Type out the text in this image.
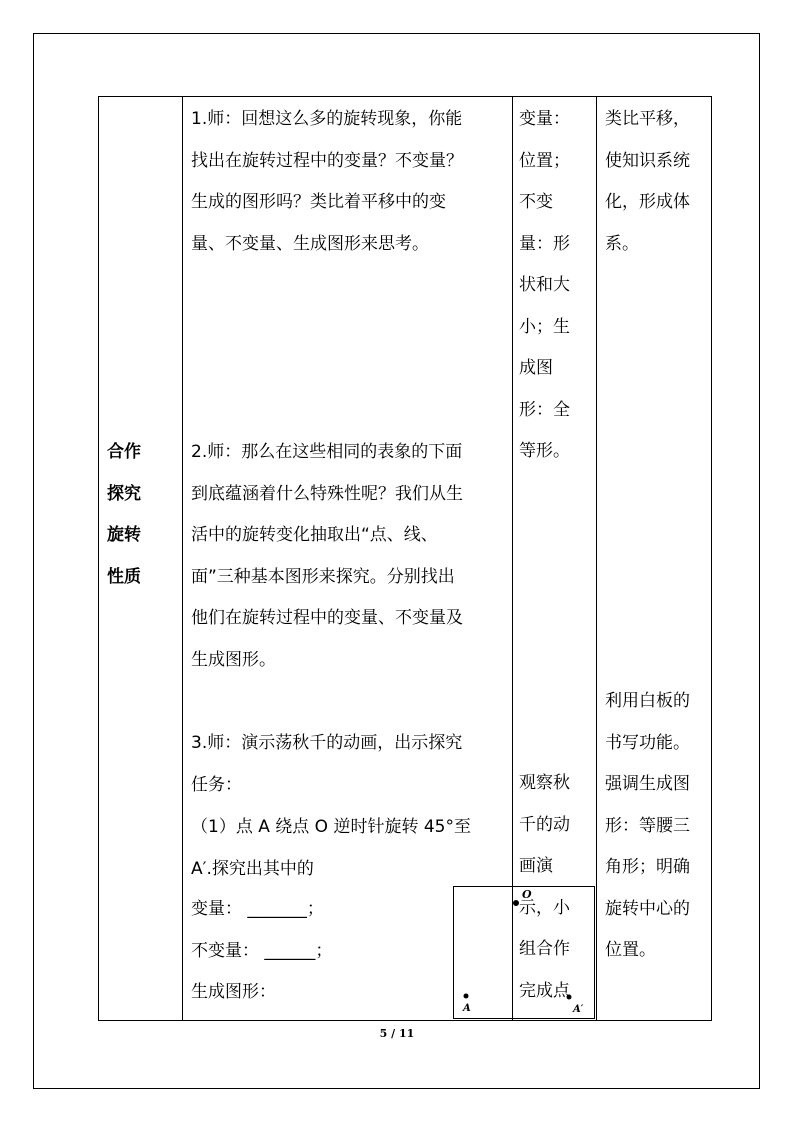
合作
探究
旋转
性质

1.师：回想这么多的旋转现象，你能
找出在旋转过程中的变量？不变量？
生成的图形吗？类比着平移中的变
量、不变量、生成图形来思考。
2.师：那么在这些相同的表象的下面
到底蕴涵着什么特殊性呢？我们从生
活中的旋转变化抽取出“点、线、
面”三种基本图形来探究。分别找出
他们在旋转过程中的变量、不变量及
生成图形。
3.师：演示荡秋千的动画，出示探究
任务：
（1）点 A 绕点 O 逆时针旋转 45°至
A′.探究出其中的
变量： _______；
不变量： ______；
生成图形：
O
A	A′

变量：
位置；
不变
量：形
状和大
小；生
成图
形：全
等形。
观察秋
千的动
画演
示，小
组合作
完成点

类比平移，
使知识系统
化，形成体
系。
利用白板的
书写功能。
强调生成图
形：等腰三
角形；明确
旋转中心的
位置。
5 / 11
